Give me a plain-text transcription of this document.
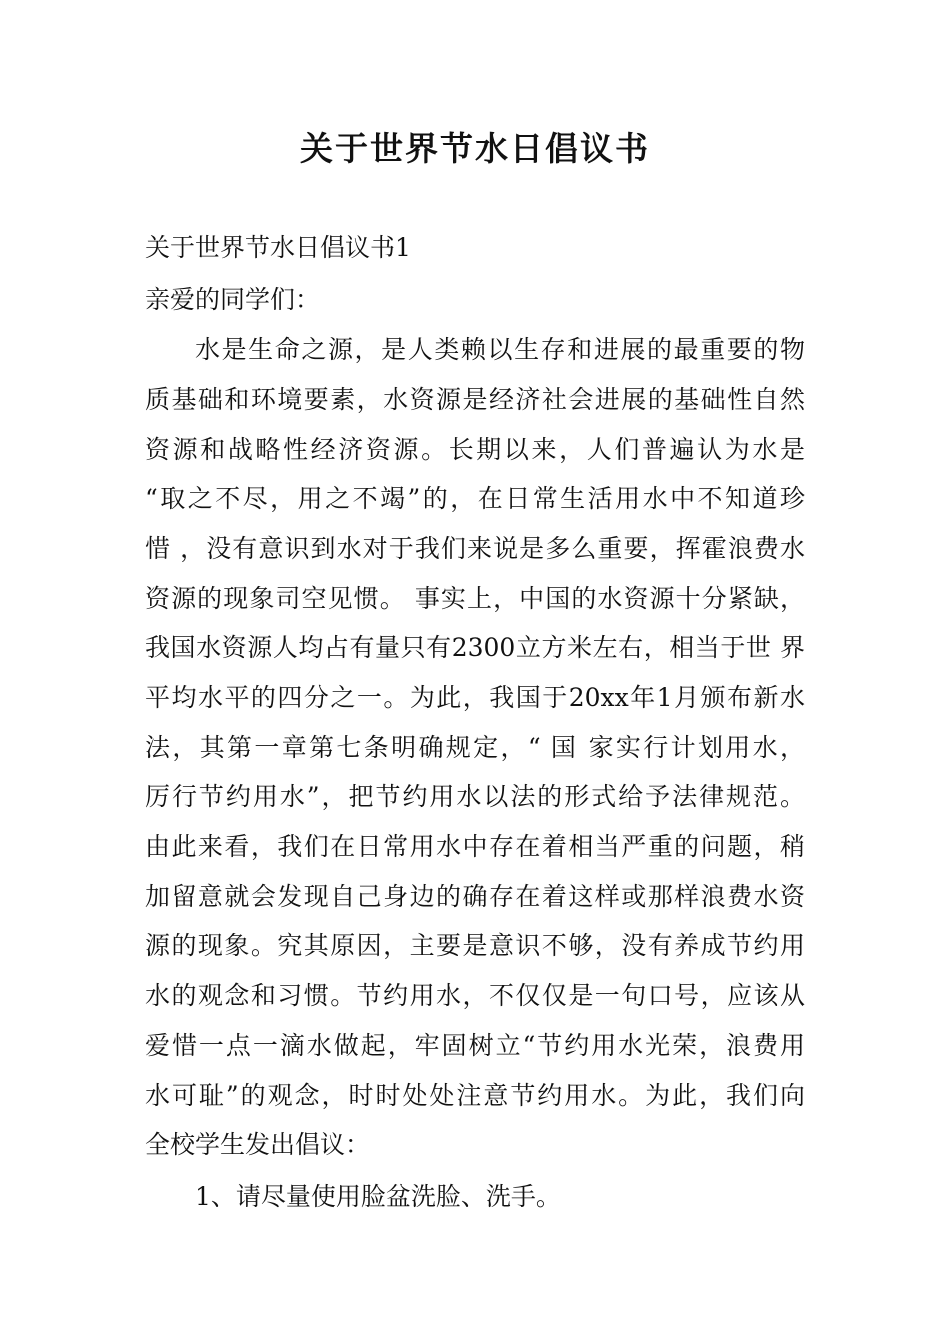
关于世界节水日倡议书

关于世界节水日倡议书1

亲爱的同学们：

水是生命之源，是人类赖以生存和进展的最重要的物

质基础和环境要素，水资源是经济社会进展的基础性自然

资源和战略性经济资源。长期以来，人们普遍认为水是

“取之不尽，用之不竭”的，在日常生活用水中不知道珍

惜 ，没有意识到水对于我们来说是多么重要，挥霍浪费水

资源的现象司空见惯。 事实上，中国的水资源十分紧缺，

我国水资源人均占有量只有2300立方米左右，相当于世 界

平均水平的四分之一。为此，我国于20xx年1月颁布新水

法，其第一章第七条明确规定，“ 国 家实行计划用水，

厉行节约用水”，把节约用水以法的形式给予法律规范。

由此来看，我们在日常用水中存在着相当严重的问题，稍

加留意就会发现自己身边的确存在着这样或那样浪费水资

源的现象。究其原因，主要是意识不够，没有养成节约用

水的观念和习惯。节约用水，不仅仅是一句口号，应该从

爱惜一点一滴水做起，牢固树立“节约用水光荣，浪费用

水可耻”的观念，时时处处注意节约用水。为此，我们向

全校学生发出倡议：

1、请尽量使用脸盆洗脸、洗手。
